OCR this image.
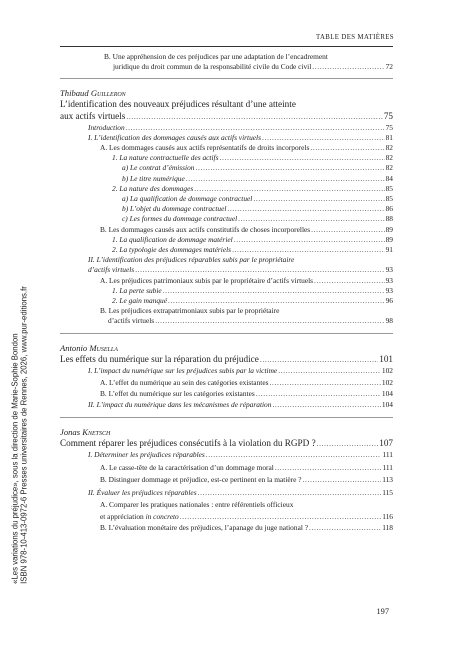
TABLE DES MATIÈRES
«Les variations du préjudice», sous la direction de Marie-Sophie Bondon ISBN 978-10-413-0972-6 Presses universitaires de Rennes, 2026, www.pur-editions.fr
B. Une appréhension de ces préjudices par une adaptation de l’encadrement
juridique du droit commun de la responsabilité civile du Code civil . . .	72
Thibaud Guilleron
L’identification des nouveaux préjudices résultant d’une atteinte
aux actifs virtuels . . .	75
Introduction . . .	75
I. L’identification des dommages causés aux actifs virtuels . . .	81
A. Les dommages causés aux actifs représentatifs de droits incorporels . . .	82
1. La nature contractuelle des actifs . . .	82
a) Le contrat d’émission . . .	82
b) Le titre numérique . . .	84
2. La nature des dommages . . .	85
a) La qualification de dommage contractuel . . .	85
b) L’objet du dommage contractuel . . .	86
c) Les formes du dommage contractuel . . .	88
B. Les dommages causés aux actifs constitutifs de choses incorporelles . . .	89
1. La qualification de dommage matériel . . .	89
2. La typologie des dommages matériels . . .	91
II. L’identification des préjudices réparables subis par le propriétaire
d’actifs virtuels . . .	93
A. Les préjudices patrimoniaux subis par le propriétaire d’actifs virtuels . . .	93
1. La perte subie . . .	93
2. Le gain manqué . . .	96
B. Les préjudices extrapatrimoniaux subis par le propriétaire
d’actifs virtuels . . .	98
Antonio Musella
Les effets du numérique sur la réparation du préjudice . . .	101
I. L’impact du numérique sur les préjudices subis par la victime . . .	102
A. L’effet du numérique au sein des catégories existantes . . .	102
B. L’effet du numérique sur les catégories existantes . . .	104
II. L’impact du numérique dans les mécanismes de réparation . . .	104
Jonas Knetsch
Comment réparer les préjudices consécutifs à la violation du RGPD ? . . .	107
I. Déterminer les préjudices réparables . . .	111
A. Le casse-tête de la caractérisation d’un dommage moral . . .	111
B. Distinguer dommage et préjudice, est-ce pertinent en la matière ? . . .	113
II. Évaluer les préjudices réparables . . .	115
A. Comparer les pratiques nationales : entre référentiels officieux
et appréciation in concreto . . .	116
B. L’évaluation monétaire des préjudices, l’apanage du juge national ? . . .	118
197
